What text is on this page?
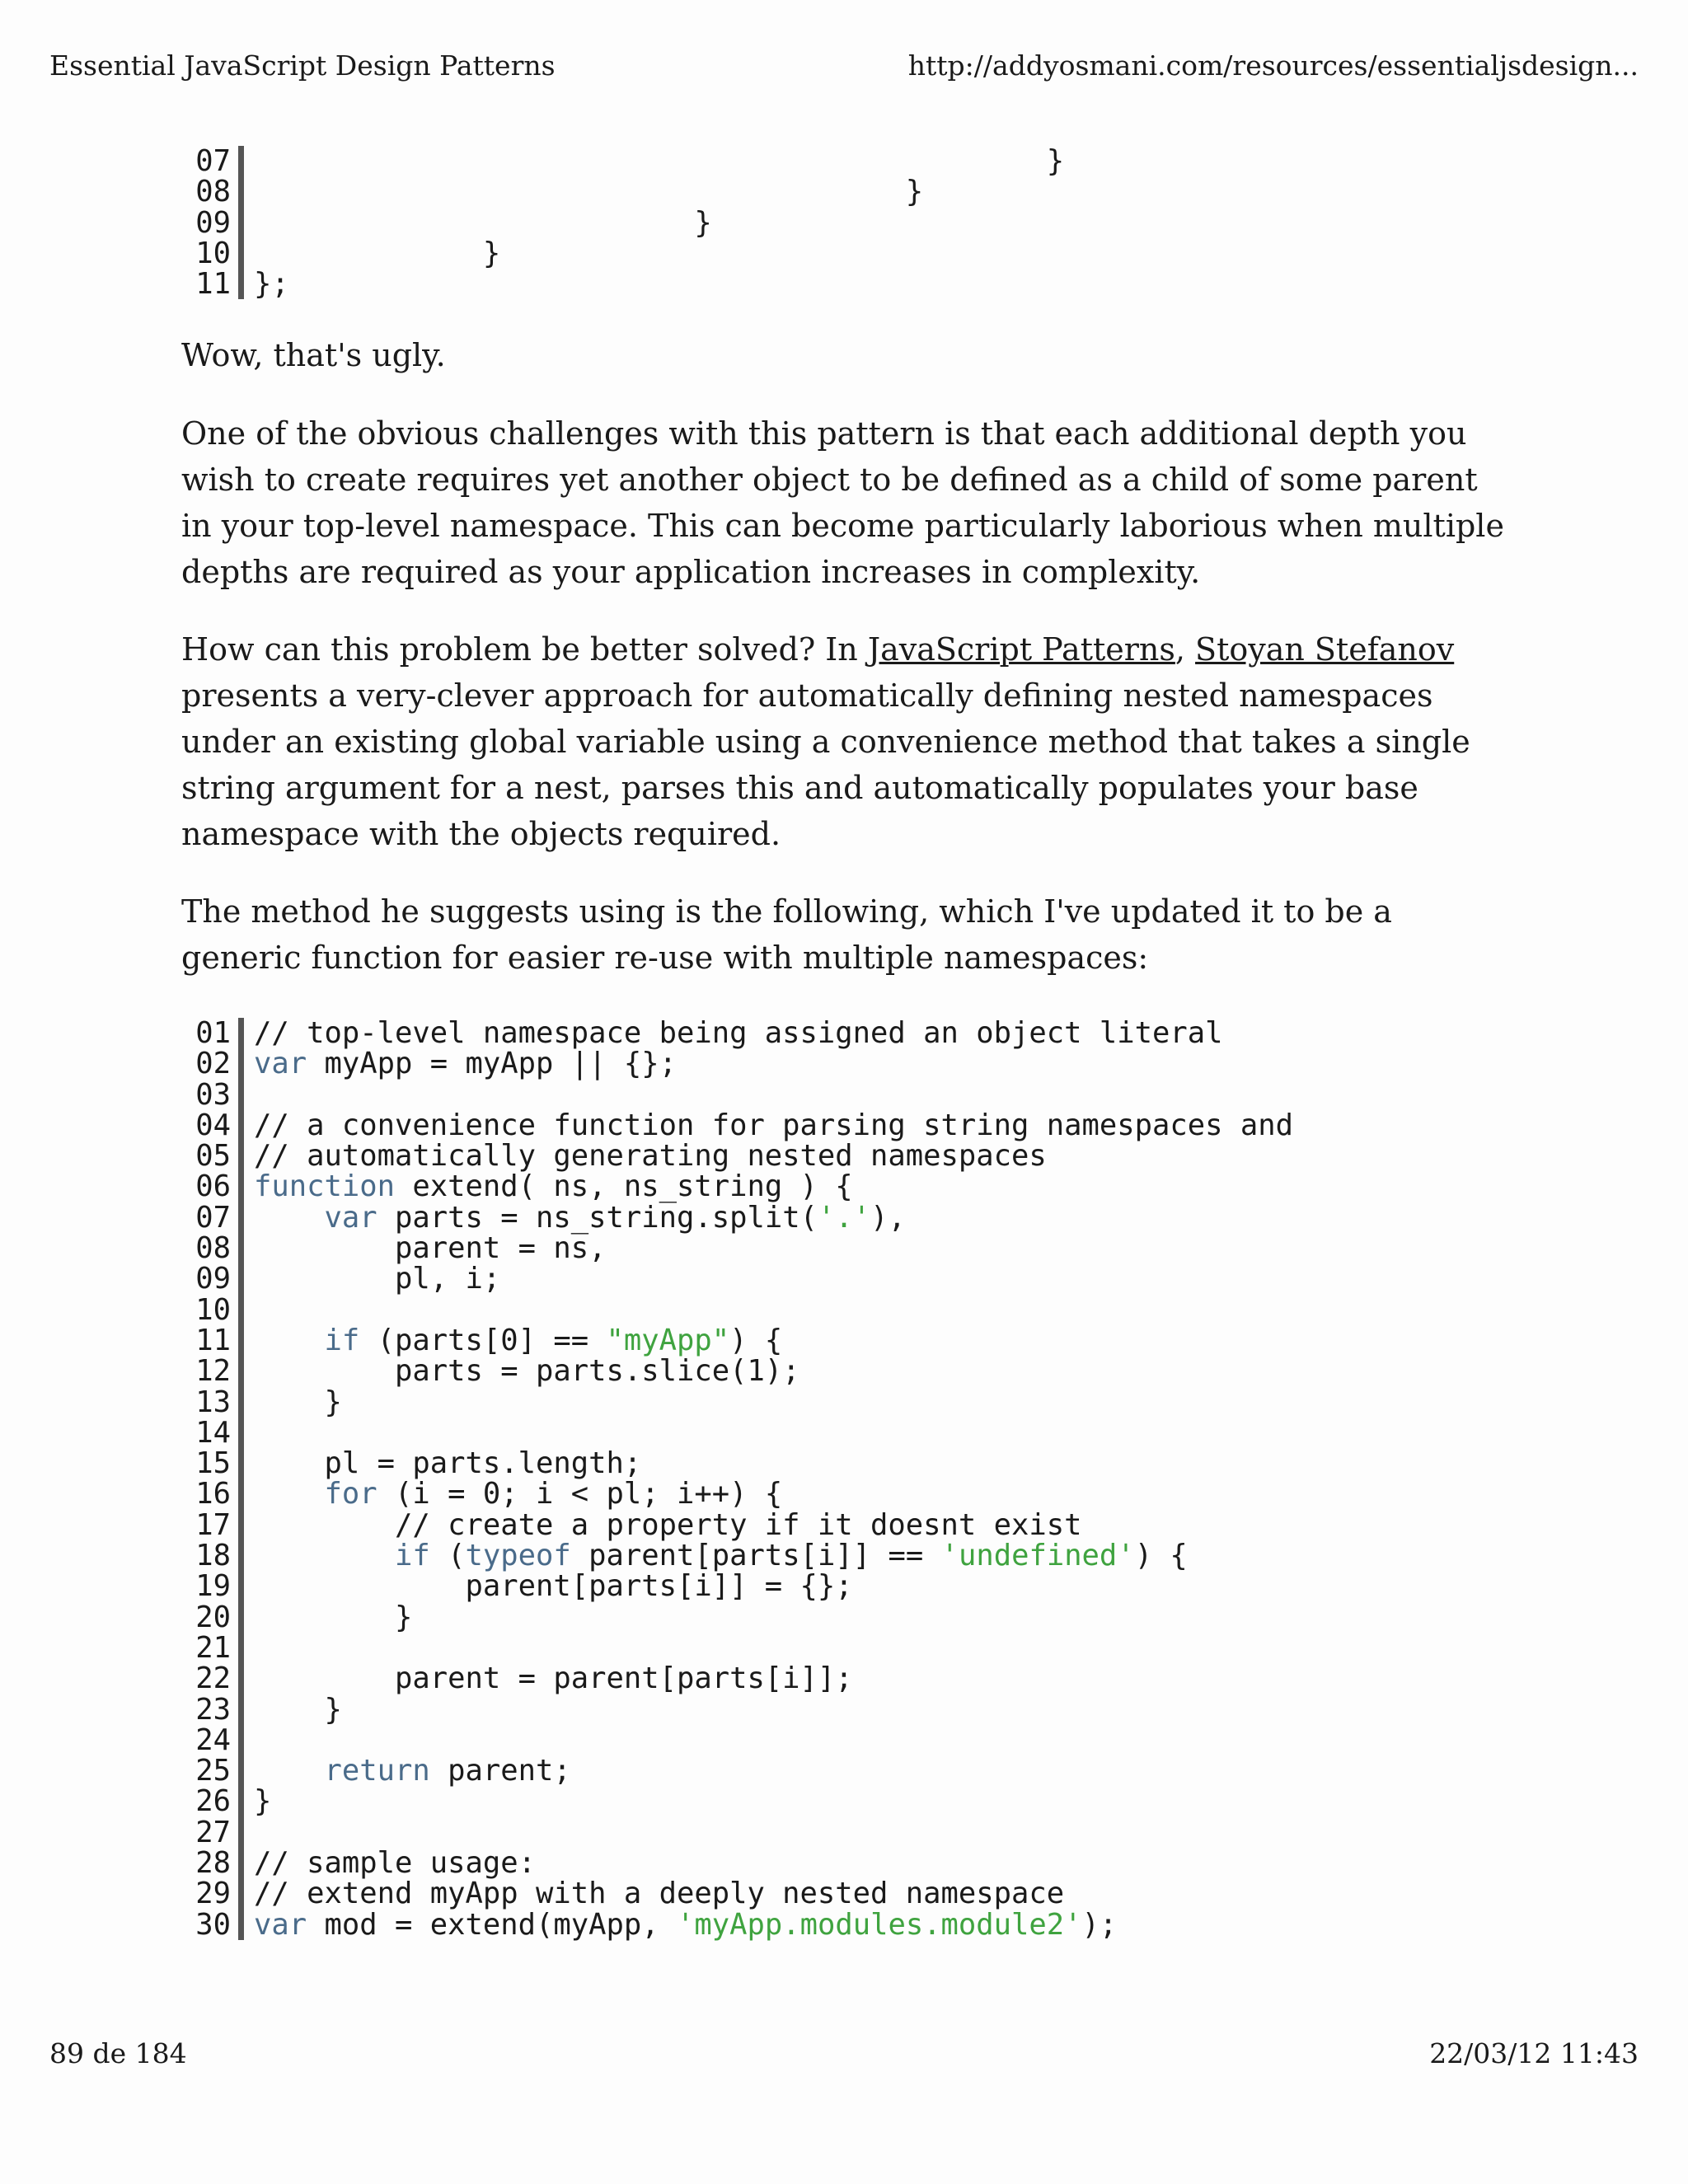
Essential JavaScript Design Patterns	http://addyosmani.com/resources/essentialjsdesign...
07 }
08 }
09 }
10 }
11 };

Wow, that's ugly.

One of the obvious challenges with this pattern is that each additional depth you wish to create requires yet another object to be defined as a child of some parent in your top-level namespace. This can become particularly laborious when multiple depths are required as your application increases in complexity.

How can this problem be better solved? In JavaScript Patterns, Stoyan Stefanov presents a very-clever approach for automatically defining nested namespaces under an existing global variable using a convenience method that takes a single string argument for a nest, parses this and automatically populates your base namespace with the objects required.

The method he suggests using is the following, which I've updated it to be a generic function for easier re-use with multiple namespaces:

01 // top-level namespace being assigned an object literal
02 var myApp = myApp || {};
03
04 // a convenience function for parsing string namespaces and
05 // automatically generating nested namespaces
06 function extend( ns, ns_string ) {
07	var parts = ns_string.split('.'),
08 parent = ns,
09 pl, i;
10
11	if (parts[0] == "myApp") {
12 parts = parts.slice(1);
13 }
14
15 pl = parts.length;
16	for (i = 0; i < pl; i++) {
17 // create a property if it doesnt exist
18	if (typeof parent[parts[i]] == 'undefined') {
19 parent[parts[i]] = {};
20 }
21
22 parent = parent[parts[i]];
23 }
24
25	return parent;
26 }
27
28 // sample usage:
29 // extend myApp with a deeply nested namespace
30 var mod = extend(myApp, 'myApp.modules.module2');
89 de 184	22/03/12 11:43
